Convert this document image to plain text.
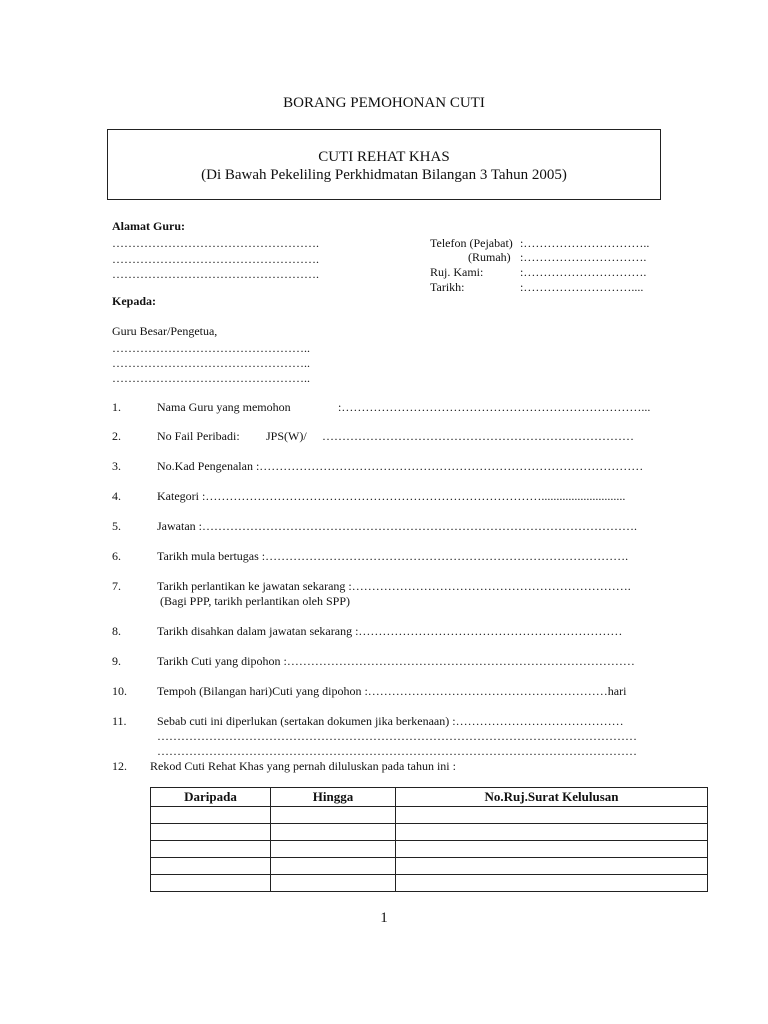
BORANG PEMOHONAN CUTI
CUTI REHAT KHAS
(Di Bawah Pekeliling Perkhidmatan Bilangan 3 Tahun 2005)
Alamat Guru:
…………………………………………….
…………………………………………….
…………………………………………….
Telefon (Pejabat) :…………………………..
(Rumah) :………………………….
Ruj. Kami:	:………………………….
Tarikh:	:………………………....
Kepada:
Guru Besar/Pengetua,
…………………………………………..
…………………………………………..
…………………………………………..
1.	Nama Guru yang memohon	:…………………………………………………………………...
2.	No Fail Peribadi: JPS(W)/ ……………………………………………………………………
3.	No.Kad Pengenalan :……………………………………………………………………………………
4.	Kategori :…………………………………………………………………………............................
5.	Jawatan :……………………………………………………………………………………………….
6.	Tarikh mula bertugas :……………………………………………………………………………….
7.	Tarikh perlantikan ke jawatan sekarang :…………………………………………………………….
(Bagi PPP, tarikh perlantikan oleh SPP)
8.	Tarikh disahkan dalam jawatan sekarang :…………………………………………………………
9.	Tarikh Cuti yang dipohon :……………………………………………………………………………
10.	Tempoh (Bilangan hari)Cuti yang dipohon :……………………………………………………hari
11.	Sebab cuti ini diperlukan (sertakan dokumen jika berkenaan) :……………………………………
…………………………………………………………………………………………………………
…………………………………………………………………………………………………………
12. Rekod Cuti Rehat Khas yang pernah diluluskan pada tahun ini :
Daripada	Hingga	No.Ruj.Surat Kelulusan

1
